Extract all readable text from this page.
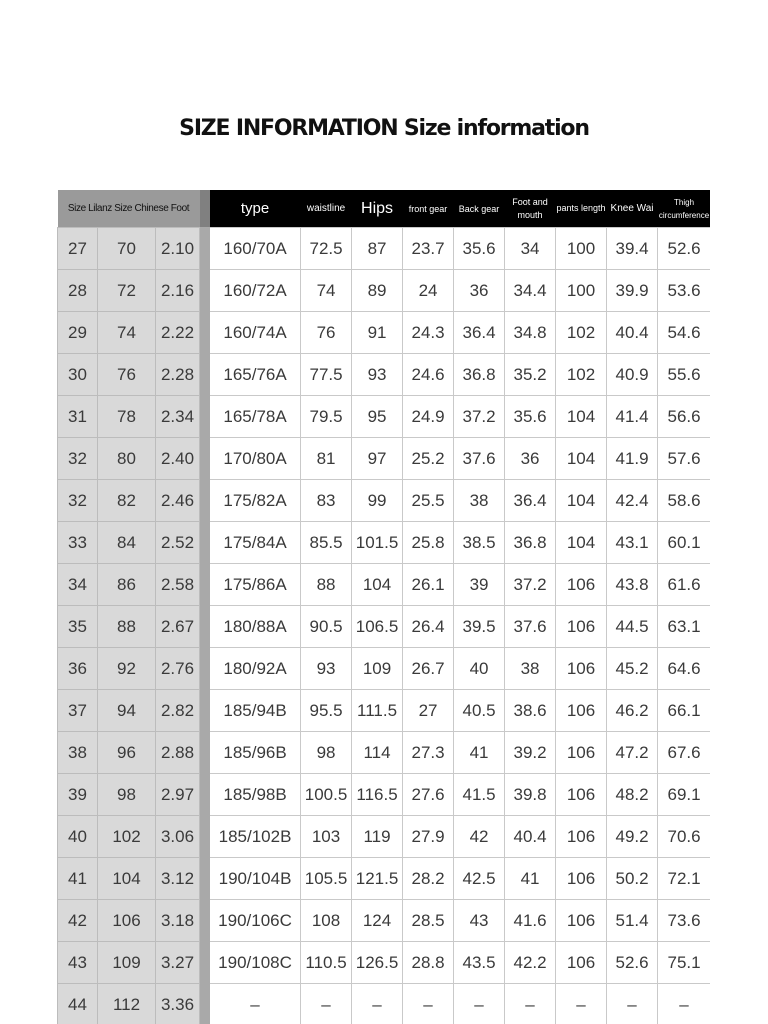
SIZE INFORMATION Size information
Size Lilanz Size Chinese Foot				type	waistline	Hips	front gear	Back gear	Foot and mouth	pants length	Knee Wai	Thigh circumference
27	70	2.10		160/70A	72.5	87	23.7	35.6	34	100	39.4	52.6
28	72	2.16		160/72A	74	89	24	36	34.4	100	39.9	53.6
29	74	2.22		160/74A	76	91	24.3	36.4	34.8	102	40.4	54.6
30	76	2.28		165/76A	77.5	93	24.6	36.8	35.2	102	40.9	55.6
31	78	2.34		165/78A	79.5	95	24.9	37.2	35.6	104	41.4	56.6
32	80	2.40		170/80A	81	97	25.2	37.6	36	104	41.9	57.6
32	82	2.46		175/82A	83	99	25.5	38	36.4	104	42.4	58.6
33	84	2.52		175/84A	85.5	101.5	25.8	38.5	36.8	104	43.1	60.1
34	86	2.58		175/86A	88	104	26.1	39	37.2	106	43.8	61.6
35	88	2.67		180/88A	90.5	106.5	26.4	39.5	37.6	106	44.5	63.1
36	92	2.76		180/92A	93	109	26.7	40	38	106	45.2	64.6
37	94	2.82		185/94B	95.5	111.5	27	40.5	38.6	106	46.2	66.1
38	96	2.88		185/96B	98	114	27.3	41	39.2	106	47.2	67.6
39	98	2.97		185/98B	100.5	116.5	27.6	41.5	39.8	106	48.2	69.1
40	102	3.06		185/102B	103	119	27.9	42	40.4	106	49.2	70.6
41	104	3.12		190/104B	105.5	121.5	28.2	42.5	41	106	50.2	72.1
42	106	3.18		190/106C	108	124	28.5	43	41.6	106	51.4	73.6
43	109	3.27		190/108C	110.5	126.5	28.8	43.5	42.2	106	52.6	75.1
44	112	3.36		–	–	–	–	–	–	–	–	–
